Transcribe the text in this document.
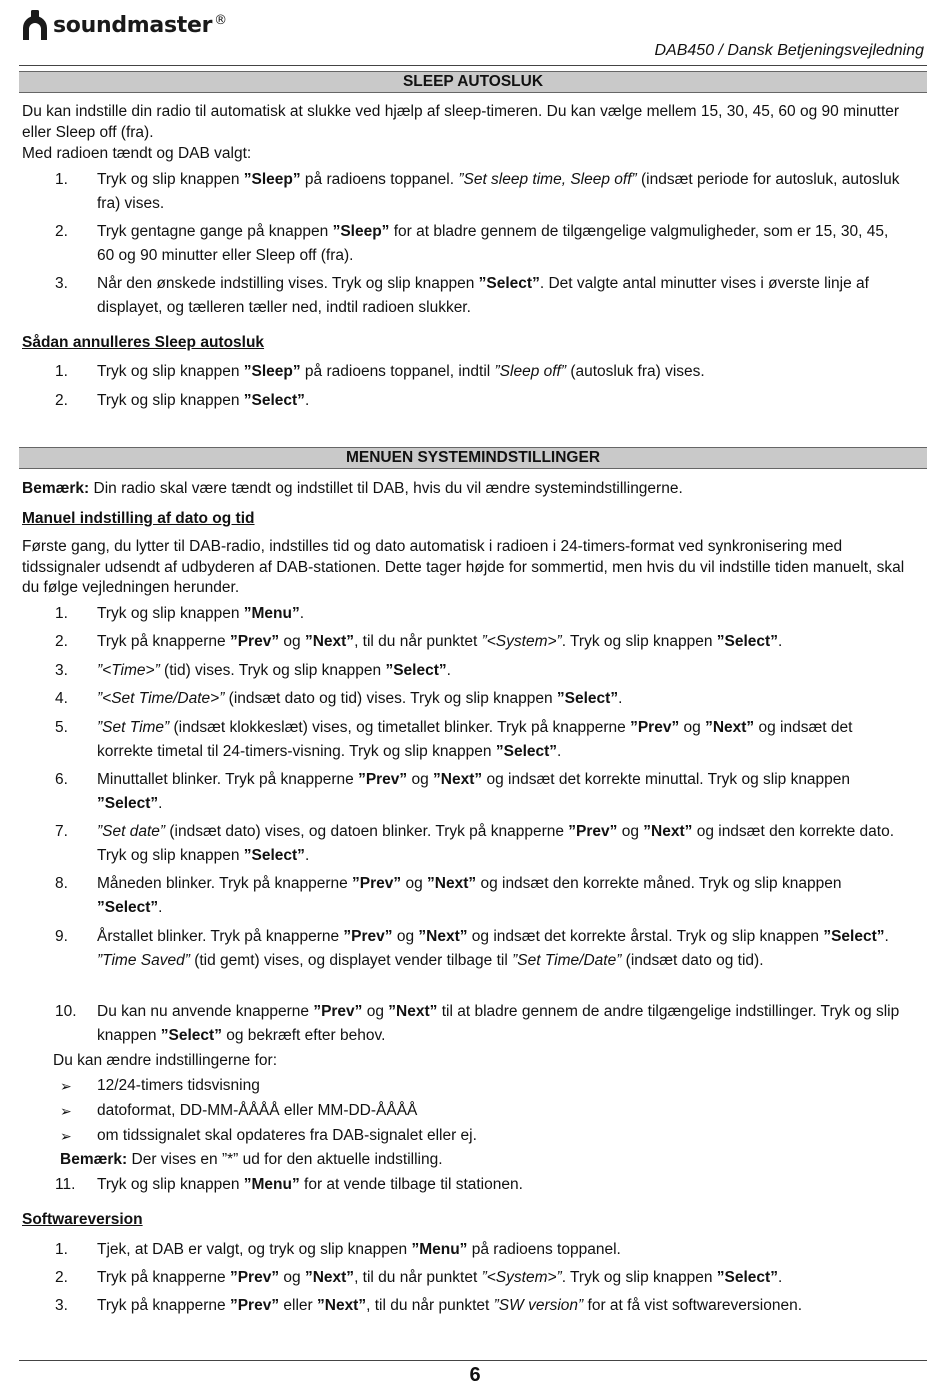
soundmaster ®
DAB450 / Dansk Betjeningsvejledning
SLEEP AUTOSLUK
Du kan indstille din radio til automatisk at slukke ved hjælp af sleep-timeren. Du kan vælge mellem 15, 30, 45, 60 og 90 minutter eller Sleep off (fra).
Med radioen tændt og DAB valgt:
1.	Tryk og slip knappen ”Sleep” på radioens toppanel. ”Set sleep time, Sleep off” (indsæt periode for autosluk, autosluk fra) vises.
2.	Tryk gentagne gange på knappen ”Sleep” for at bladre gennem de tilgængelige valgmuligheder, som er 15, 30, 45, 60 og 90 minutter eller Sleep off (fra).
3.	Når den ønskede indstilling vises. Tryk og slip knappen ”Select”. Det valgte antal minutter vises i øverste linje af displayet, og tælleren tæller ned, indtil radioen slukker.
Sådan annulleres Sleep autosluk
1.	Tryk og slip knappen ”Sleep” på radioens toppanel, indtil ”Sleep off” (autosluk fra) vises.
2.	Tryk og slip knappen ”Select”.
MENUEN SYSTEMINDSTILLINGER
Bemærk: Din radio skal være tændt og indstillet til DAB, hvis du vil ændre systemindstillingerne.
Manuel indstilling af dato og tid
Første gang, du lytter til DAB-radio, indstilles tid og dato automatisk i radioen i 24-timers-format ved synkronisering med tidssignaler udsendt af udbyderen af DAB-stationen. Dette tager højde for sommertid, men hvis du vil indstille tiden manuelt, skal du følge vejledningen herunder.
1.	Tryk og slip knappen ”Menu”.
2.	Tryk på knapperne ”Prev” og ”Next”, til du når punktet ”<System>”. Tryk og slip knappen ”Select”.
3.	”<Time>” (tid) vises. Tryk og slip knappen ”Select”.
4.	”<Set Time/Date>” (indsæt dato og tid) vises. Tryk og slip knappen ”Select”.
5.	”Set Time” (indsæt klokkeslæt) vises, og timetallet blinker. Tryk på knapperne ”Prev” og ”Next” og indsæt det korrekte timetal til 24-timers-visning. Tryk og slip knappen ”Select”.
6.	Minuttallet blinker. Tryk på knapperne ”Prev” og ”Next” og indsæt det korrekte minuttal. Tryk og slip knappen ”Select”.
7.	”Set date” (indsæt dato) vises, og datoen blinker. Tryk på knapperne ”Prev” og ”Next” og indsæt den korrekte dato. Tryk og slip knappen ”Select”.
8.	Måneden blinker. Tryk på knapperne ”Prev” og ”Next” og indsæt den korrekte måned. Tryk og slip knappen ”Select”.
9.	Årstallet blinker. Tryk på knapperne ”Prev” og ”Next” og indsæt det korrekte årstal. Tryk og slip knappen ”Select”. ”Time Saved” (tid gemt) vises, og displayet vender tilbage til ”Set Time/Date” (indsæt dato og tid).
10.	Du kan nu anvende knapperne ”Prev” og ”Next” til at bladre gennem de andre tilgængelige indstillinger. Tryk og slip knappen ”Select” og bekræft efter behov.
Du kan ændre indstillingerne for:
➢ 12/24-timers tidsvisning
➢ datoformat, DD-MM-ÅÅÅÅ eller MM-DD-ÅÅÅÅ
➢ om tidssignalet skal opdateres fra DAB-signalet eller ej.
Bemærk: Der vises en ”*” ud for den aktuelle indstilling.
11.	Tryk og slip knappen ”Menu” for at vende tilbage til stationen.
Softwareversion
1.	Tjek, at DAB er valgt, og tryk og slip knappen ”Menu” på radioens toppanel.
2.	Tryk på knapperne ”Prev” og ”Next”, til du når punktet ”<System>”. Tryk og slip knappen ”Select”.
3.	Tryk på knapperne ”Prev” eller ”Next”, til du når punktet ”SW version” for at få vist softwareversionen.
6
